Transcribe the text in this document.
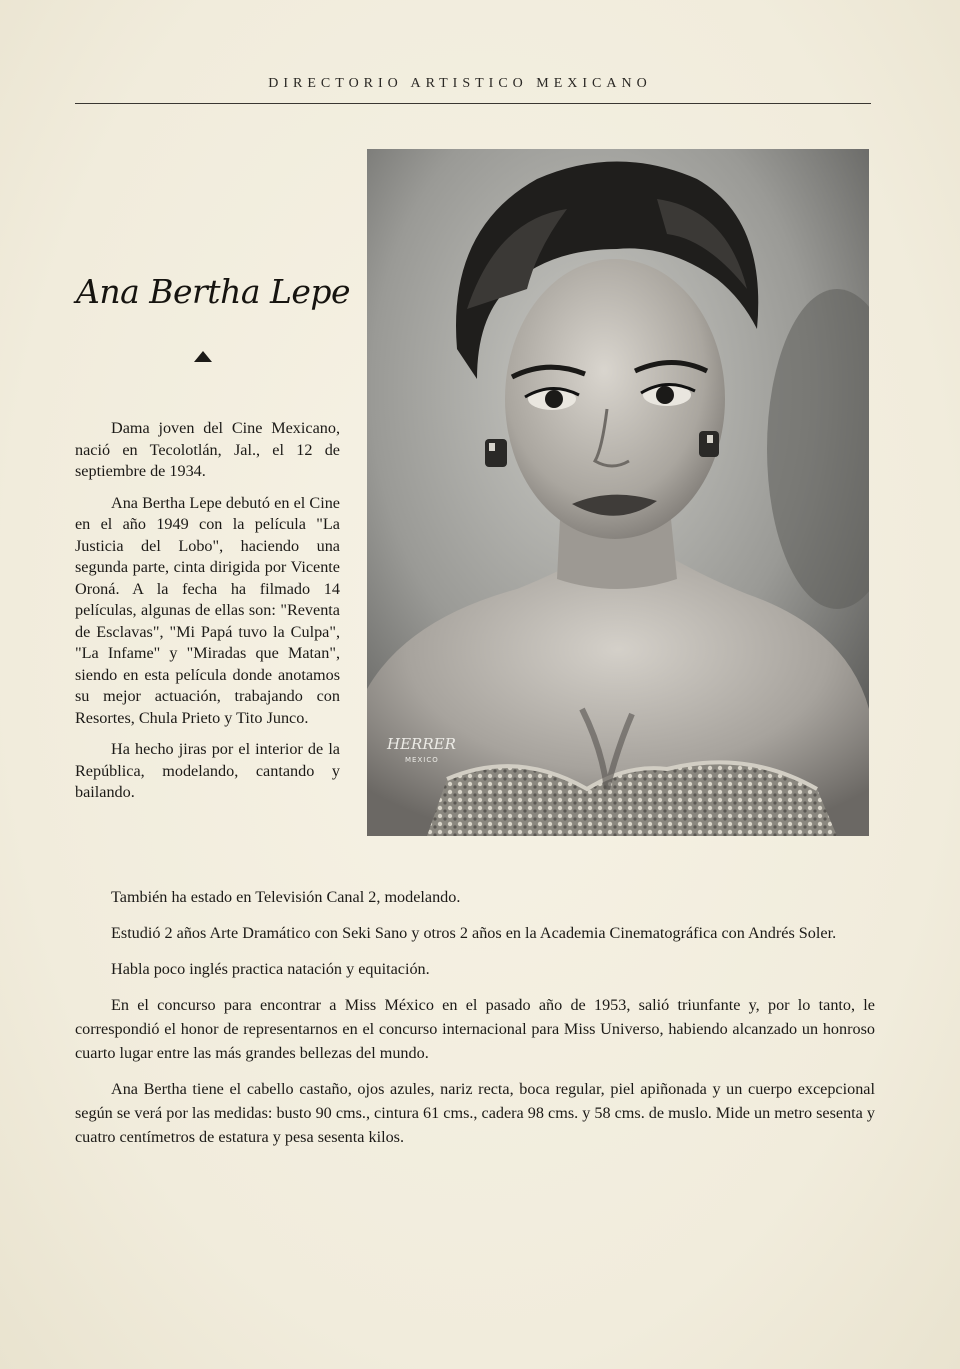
DIRECTORIO ARTISTICO MEXICANO
Ana Bertha Lepe
HERRER
MEXICO

Dama joven del Cine Mexicano, nació en Tecolotlán, Jal., el 12 de septiembre de 1934.

Ana Bertha Lepe debutó en el Cine en el año 1949 con la película "La Justicia del Lobo", haciendo una segunda parte, cinta dirigida por Vicente Oroná. A la fecha ha filmado 14 películas, algunas de ellas son: "Reventa de Esclavas", "Mi Papá tuvo la Culpa", "La Infame" y "Miradas que Matan", siendo en esta película donde anotamos su mejor actuación, trabajando con Resortes, Chula Prieto y Tito Junco.

Ha hecho jiras por el interior de la República, modelando, cantando y bailando.

También ha estado en Televisión Canal 2, modelando.

Estudió 2 años Arte Dramático con Seki Sano y otros 2 años en la Academia Cinematográfica con Andrés Soler.

Habla poco inglés practica natación y equitación.

En el concurso para encontrar a Miss México en el pasado año de 1953, salió triunfante y, por lo tanto, le correspondió el honor de representarnos en el concurso internacional para Miss Universo, habiendo alcanzado un honroso cuarto lugar entre las más grandes bellezas del mundo.

Ana Bertha tiene el cabello castaño, ojos azules, nariz recta, boca regular, piel apiñonada y un cuerpo excepcional según se verá por las medidas: busto 90 cms., cintura 61 cms., cadera 98 cms. y 58 cms. de muslo. Mide un metro sesenta y cuatro centímetros de estatura y pesa sesenta kilos.
